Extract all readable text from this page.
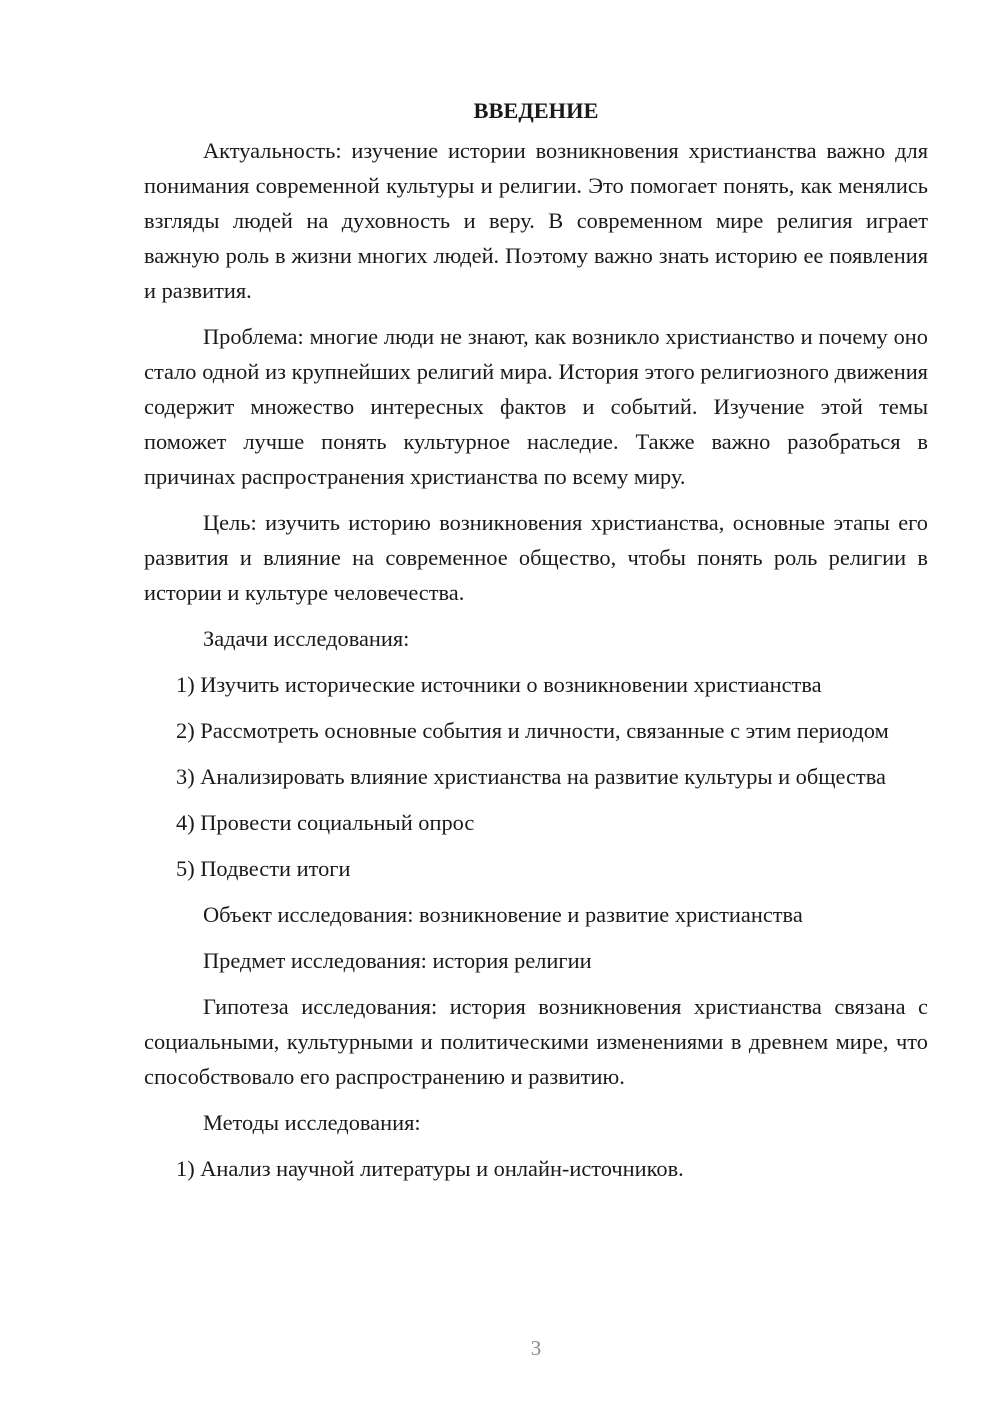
ВВЕДЕНИЕ

Актуальность: изучение истории возникновения христианства важно для понимания современной культуры и религии. Это помогает понять, как менялись взгляды людей на духовность и веру. В современном мире религия играет важную роль в жизни многих людей. Поэтому важно знать историю ее появления и развития.

Проблема: многие люди не знают, как возникло христианство и почему оно стало одной из крупнейших религий мира. История этого религиозного движения содержит множество интересных фактов и событий. Изучение этой темы поможет лучше понять культурное наследие. Также важно разобраться в причинах распространения христианства по всему миру.

Цель: изучить историю возникновения христианства, основные этапы его развития и влияние на современное общество, чтобы понять роль религии в истории и культуре человечества.

Задачи исследования:

1) Изучить исторические источники о возникновении христианства

2) Рассмотреть основные события и личности, связанные с этим периодом

3) Анализировать влияние христианства на развитие культуры и общества

4) Провести социальный опрос

5) Подвести итоги

Объект исследования: возникновение и развитие христианства

Предмет исследования: история религии

Гипотеза исследования: история возникновения христианства связана с социальными, культурными и политическими изменениями в древнем мире, что способствовало его распространению и развитию.

Методы исследования:

1) Анализ научной литературы и онлайн-источников.

3
